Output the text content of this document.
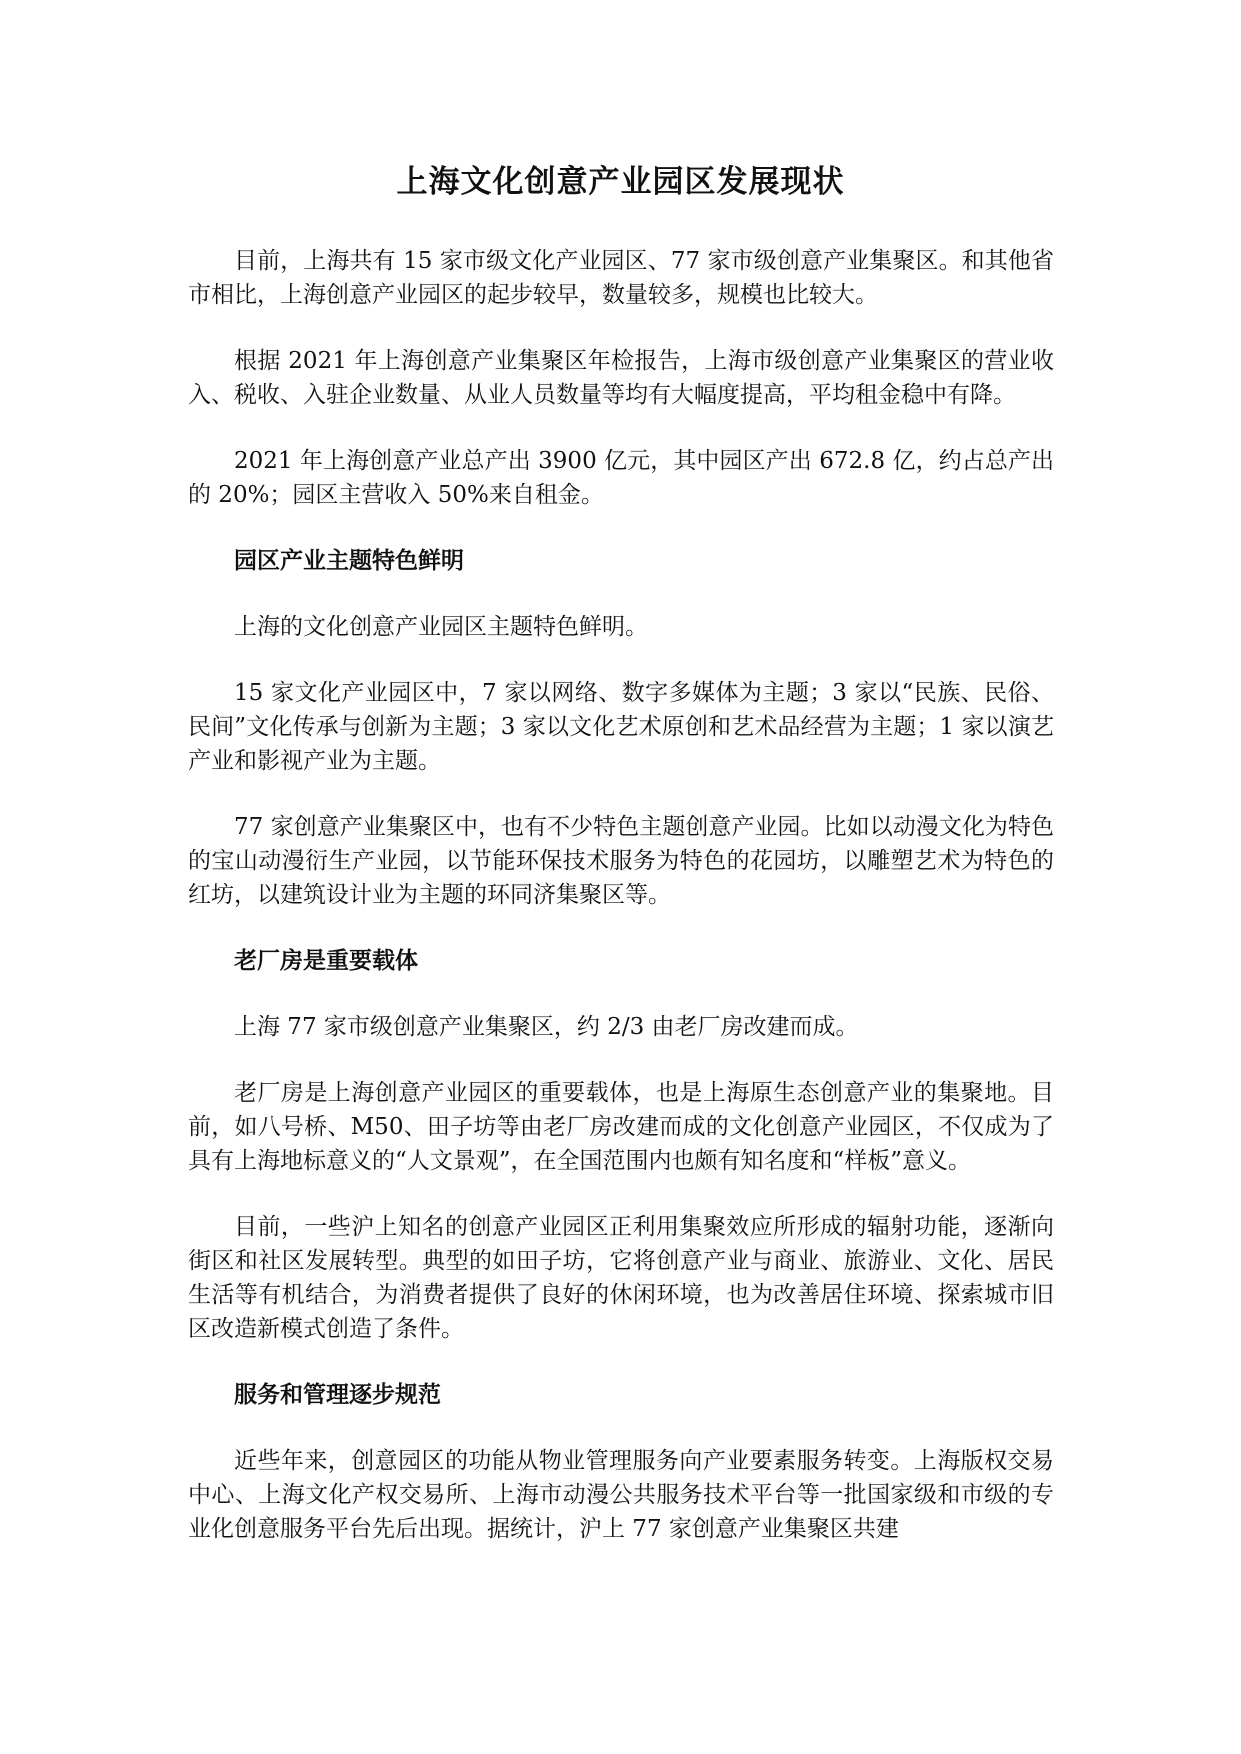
上海文化创意产业园区发展现状

目前，上海共有 15 家市级文化产业园区、77 家市级创意产业集聚区。和其他省市相比，上海创意产业园区的起步较早，数量较多，规模也比较大。

根据 2021 年上海创意产业集聚区年检报告，上海市级创意产业集聚区的营业收入、税收、入驻企业数量、从业人员数量等均有大幅度提高，平均租金稳中有降。

2021 年上海创意产业总产出 3900 亿元，其中园区产出 672.8 亿，约占总产出的 20%；园区主营收入 50%来自租金。

园区产业主题特色鲜明

上海的文化创意产业园区主题特色鲜明。

15 家文化产业园区中，7 家以网络、数字多媒体为主题；3 家以“民族、民俗、民间”文化传承与创新为主题；3 家以文化艺术原创和艺术品经营为主题；1 家以演艺产业和影视产业为主题。

77 家创意产业集聚区中，也有不少特色主题创意产业园。比如以动漫文化为特色的宝山动漫衍生产业园，以节能环保技术服务为特色的花园坊，以雕塑艺术为特色的红坊，以建筑设计业为主题的环同济集聚区等。

老厂房是重要载体

上海 77 家市级创意产业集聚区，约 2/3 由老厂房改建而成。

老厂房是上海创意产业园区的重要载体，也是上海原生态创意产业的集聚地。目前，如八号桥、M50、田子坊等由老厂房改建而成的文化创意产业园区，不仅成为了具有上海地标意义的“人文景观”，在全国范围内也颇有知名度和“样板”意义。

目前，一些沪上知名的创意产业园区正利用集聚效应所形成的辐射功能，逐渐向街区和社区发展转型。典型的如田子坊，它将创意产业与商业、旅游业、文化、居民生活等有机结合，为消费者提供了良好的休闲环境，也为改善居住环境、探索城市旧区改造新模式创造了条件。

服务和管理逐步规范

近些年来，创意园区的功能从物业管理服务向产业要素服务转变。上海版权交易中心、上海文化产权交易所、上海市动漫公共服务技术平台等一批国家级和市级的专业化创意服务平台先后出现。据统计，沪上 77 家创意产业集聚区共建
